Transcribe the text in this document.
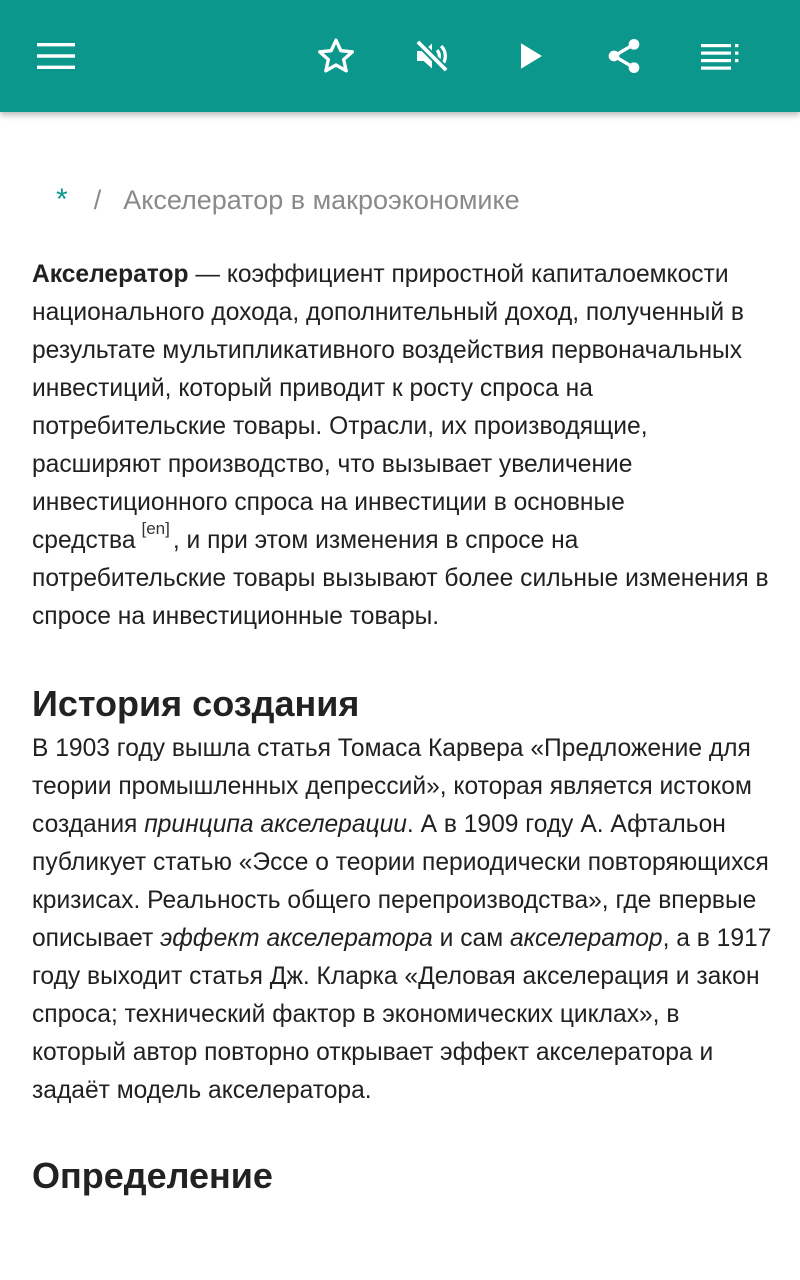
* / Акселератор в макроэкономике

Акселератор — коэффициент приростной капиталоемкости национального дохода, дополнительный доход, полученный в результате мультипликативного воздействия первоначальных инвестиций, который приводит к росту спроса на потребительские товары. Отрасли, их производящие, расширяют производство, что вызывает увеличение инвестиционного спроса на инвестиции в основные средства [en] , и при этом изменения в спросе на потребительские товары вызывают более сильные изменения в спросе на инвестиционные товары.

История создания

В 1903 году вышла статья Томаса Карвера «Предложение для теории промышленных депрессий», которая является истоком создания принципа акселерации. А в 1909 году А. Афтальон публикует статью «Эссе о теории периодически повторяющихся кризисах. Реальность общего перепроизводства», где впервые описывает эффект акселератора и сам акселератор, а в 1917 году выходит статья Дж. Кларка «Деловая акселерация и закон спроса; технический фактор в экономических циклах», в который автор повторно открывает эффект акселератора и задаёт модель акселератора.

Определение
